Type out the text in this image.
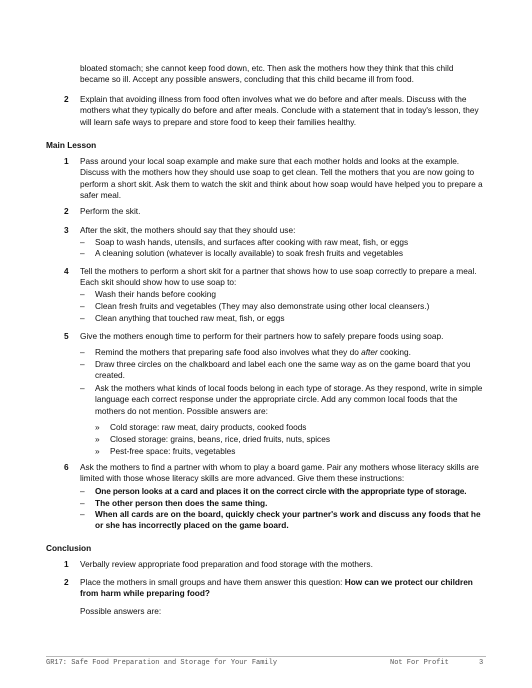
bloated stomach; she cannot keep food down, etc. Then ask the mothers how they think that this child became so ill. Accept any possible answers, concluding that this child became ill from food.
2 Explain that avoiding illness from food often involves what we do before and after meals. Discuss with the mothers what they typically do before and after meals. Conclude with a statement that in today's lesson, they will learn safe ways to prepare and store food to keep their families healthy.
Main Lesson
1 Pass around your local soap example and make sure that each mother holds and looks at the example. Discuss with the mothers how they should use soap to get clean. Tell the mothers that you are now going to perform a short skit. Ask them to watch the skit and think about how soap would have helped you to prepare a safer meal.
2 Perform the skit.
3 After the skit, the mothers should say that they should use:
– Soap to wash hands, utensils, and surfaces after cooking with raw meat, fish, or eggs
– A cleaning solution (whatever is locally available) to soak fresh fruits and vegetables
4 Tell the mothers to perform a short skit for a partner that shows how to use soap correctly to prepare a meal. Each skit should show how to use soap to:
– Wash their hands before cooking
– Clean fresh fruits and vegetables (They may also demonstrate using other local cleansers.)
– Clean anything that touched raw meat, fish, or eggs
5 Give the mothers enough time to perform for their partners how to safely prepare foods using soap.
– Remind the mothers that preparing safe food also involves what they do after cooking.
– Draw three circles on the chalkboard and label each one the same way as on the game board that you created.
– Ask the mothers what kinds of local foods belong in each type of storage. As they respond, write in simple language each correct response under the appropriate circle. Add any common local foods that the mothers do not mention. Possible answers are:
» Cold storage: raw meat, dairy products, cooked foods
» Closed storage: grains, beans, rice, dried fruits, nuts, spices
» Pest-free space: fruits, vegetables
6 Ask the mothers to find a partner with whom to play a board game. Pair any mothers whose literacy skills are limited with those whose literacy skills are more advanced. Give them these instructions:
– One person looks at a card and places it on the correct circle with the appropriate type of storage.
– The other person then does the same thing.
– When all cards are on the board, quickly check your partner's work and discuss any foods that he or she has incorrectly placed on the game board.
Conclusion
1 Verbally review appropriate food preparation and food storage with the mothers.
2 Place the mothers in small groups and have them answer this question: How can we protect our children from harm while preparing food?
Possible answers are:
GR17: Safe Food Preparation and Storage for Your Family	Not For Profit	3
